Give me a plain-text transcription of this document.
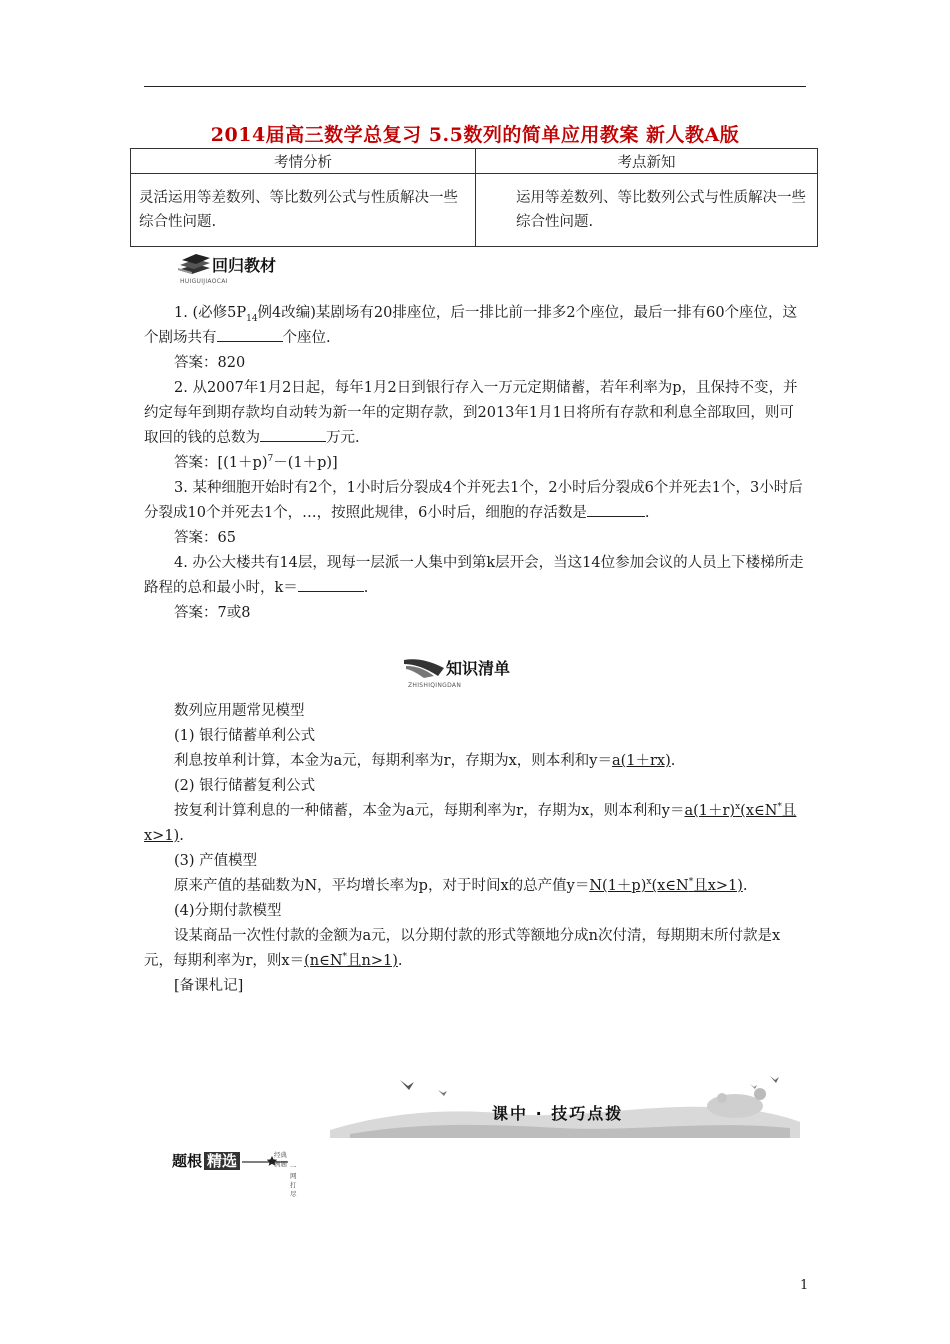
2014届高三数学总复习 5.5数列的简单应用教案 新人教A版
考情分析	考点新知
灵活运用等差数列、等比数列公式与性质解决一些综合性问题.	运用等差数列、等比数列公式与性质解决一些综合性问题.
回归教材
HUIGUIJIAOCAI

1. (必修$5P_{14}$例4改编)某剧场有20排座位，后一排比前一排多2个座位，最后一排有60个座位，这个剧场共有	个座位.

答案：820

2. 从2007年1月2日起，每年1月2日到银行存入一万元定期储蓄，若年利率为p，且保持不变，并约定每年到期存款均自动转为新一年的定期存款，到2013年1月1日将所有存款和利息全部取回，则可取回的钱的总数为	万元.

答案：$[(1+p)^7-(1+p)]$

3. 某种细胞开始时有2个，1小时后分裂成4个并死去1个，2小时后分裂成6个并死去1个，3小时后分裂成10个并死去1个，…，按照此规律，6小时后，细胞的存活数是	.

答案：65

4. 办公大楼共有14层，现每一层派一人集中到第k层开会，当这14位参加会议的人员上下楼梯所走路程的总和最小时，k＝	.

答案：7或8

知识清单
ZHISHIQINGDAN

数列应用题常见模型

(1) 银行储蓄单利公式

利息按单利计算，本金为a元，每期利率为r，存期为x，则本利和y＝a(1＋rx).

(2) 银行储蓄复利公式

按复利计算利息的一种储蓄，本金为a元，每期利率为r，存期为x，则本利和$y=a(1+r)^x(x\in N^*$且x>1).

(3) 产值模型

原来产值的基础数为N，平均增长率为p，对于时间x的总产值$y=N(1+p)^x(x\in N^*$且x>1).

(4)分期付款模型

设某商品一次性付款的金额为a元，以分期付款的形式等额地分成n次付清，每期期末所付款是x元，每期利率为r，则x＝(n∈N*且n>1).

[备课札记]

课中 · 技巧点拨
题根 精选	经典例题 一网打尽
1
